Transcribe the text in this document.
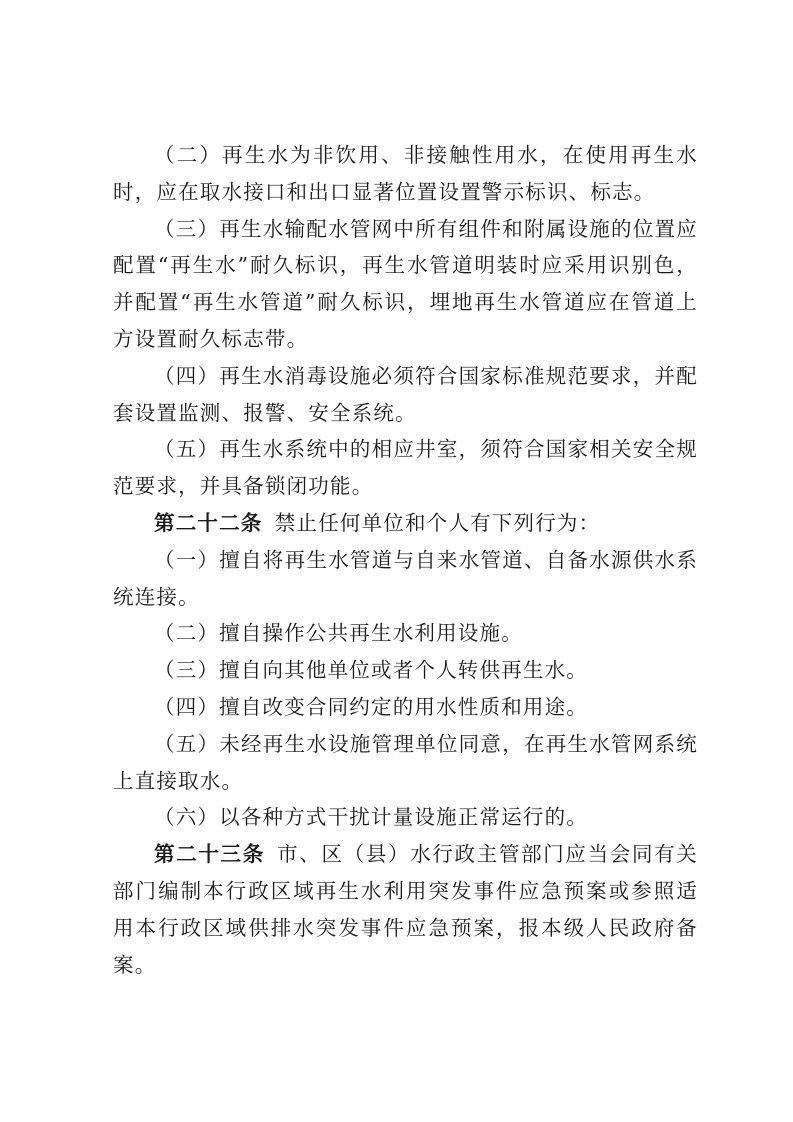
（二）再生水为非饮用、非接触性用水，在使用再生水时，应在取水接口和出口显著位置设置警示标识、标志。

（三）再生水输配水管网中所有组件和附属设施的位置应配置“再生水”耐久标识，再生水管道明装时应采用识别色，并配置“再生水管道”耐久标识，埋地再生水管道应在管道上方设置耐久标志带。

（四）再生水消毒设施必须符合国家标准规范要求，并配套设置监测、报警、安全系统。

（五）再生水系统中的相应井室，须符合国家相关安全规范要求，并具备锁闭功能。

第二十二条 禁止任何单位和个人有下列行为：

（一）擅自将再生水管道与自来水管道、自备水源供水系统连接。

（二）擅自操作公共再生水利用设施。

（三）擅自向其他单位或者个人转供再生水。

（四）擅自改变合同约定的用水性质和用途。

（五）未经再生水设施管理单位同意，在再生水管网系统上直接取水。

（六）以各种方式干扰计量设施正常运行的。

第二十三条 市、区（县）水行政主管部门应当会同有关部门编制本行政区域再生水利用突发事件应急预案或参照适用本行政区域供排水突发事件应急预案，报本级人民政府备案。
